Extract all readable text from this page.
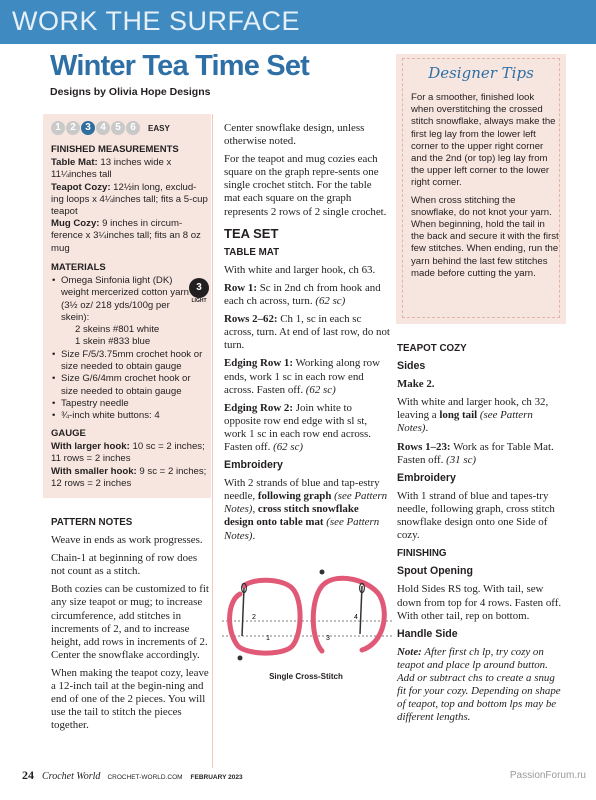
WORK THE SURFACE
Winter Tea Time Set
Designs by Olivia Hope Designs
1 2 3 4 5 6	EASY
FINISHED MEASUREMENTS
Table Mat: 13 inches wide x 11¼inches tall
Teapot Cozy: 12½in long, exclud-ing loops x 4¼inches tall; fits a 5-cup teapot
Mug Cozy: 9 inches in circum-ference x 3¼inches tall; fits an 8 oz mug
MATERIALS
• Omega Sinfonia light (DK) weight mercerized cotton yarn (3½ oz/ 218 yds/100g per skein):
2 skeins #801 white
1 skein #833 blue
• Size F/5/3.75mm crochet hook or size needed to obtain gauge
• Size G/6/4mm crochet hook or size needed to obtain gauge
• Tapestry needle
• ¾-inch white buttons: 4
3
LIGHT
GAUGE
With larger hook: 10 sc = 2 inches; 11 rows = 2 inches
With smaller hook: 9 sc = 2 inches; 12 rows = 2 inches
PATTERN NOTES

Weave in ends as work progresses.

Chain-1 at beginning of row does not count as a stitch.

Both cozies can be customized to fit any size teapot or mug; to increase circumference, add stitches in increments of 2, and to increase height, add rows in increments of 2. Center the snowflake accordingly.

When making the teapot cozy, leave a 12-inch tail at the begin-ning and end of one of the 2 pieces. You will use the tail to stitch the pieces together.

Center snowflake design, unless otherwise noted.

For the teapot and mug cozies each square on the graph repre-sents one single crochet stitch. For the table mat each square on the graph represents 2 rows of 2 single crochet.

TEA SET
TABLE MAT

With white and larger hook, ch 63.

Row 1: Sc in 2nd ch from hook and each ch across, turn. (62 sc)

Rows 2–62: Ch 1, sc in each sc across, turn. At end of last row, do not turn.

Edging Row 1: Working along row ends, work 1 sc in each row end across. Fasten off. (62 sc)

Edging Row 2: Join white to opposite row end edge with sl st, work 1 sc in each row end across. Fasten off. (62 sc)

Embroidery

With 2 strands of blue and tap-estry needle, following graph (see Pattern Notes), cross stitch snowflake design onto table mat (see Pattern Notes).

2
1
4
3
Single Cross-Stitch
Designer Tips

For a smoother, finished look when overstitching the crossed stitch snowflake, always make the first leg lay from the lower left corner to the upper right corner and the 2nd (or top) leg lay from the upper left corner to the lower right corner.

When cross stitching the snowflake, do not knot your yarn. When beginning, hold the tail in the back and secure it with the first few stitches. When ending, run the yarn behind the last few stitches made before cutting the yarn.

TEAPOT COZY
Sides

Make 2.

With white and larger hook, ch 32, leaving a long tail (see Pattern Notes).

Rows 1–23: Work as for Table Mat. Fasten off. (31 sc)

Embroidery

With 1 strand of blue and tapes-try needle, following graph, cross stitch snowflake design onto one Side of cozy.

FINISHING
Spout Opening

Hold Sides RS tog. With tail, sew down from top for 4 rows. Fasten off. With other tail, rep on bottom.

Handle Side

Note: After first ch lp, try cozy on teapot and place lp around button. Add or subtract chs to create a snug fit for your cozy. Depending on shape of teapot, top and bottom lps may be different lengths.

24 Crochet World CROCHET-WORLD.COM FEBRUARY 2023	PassionForum.ru
